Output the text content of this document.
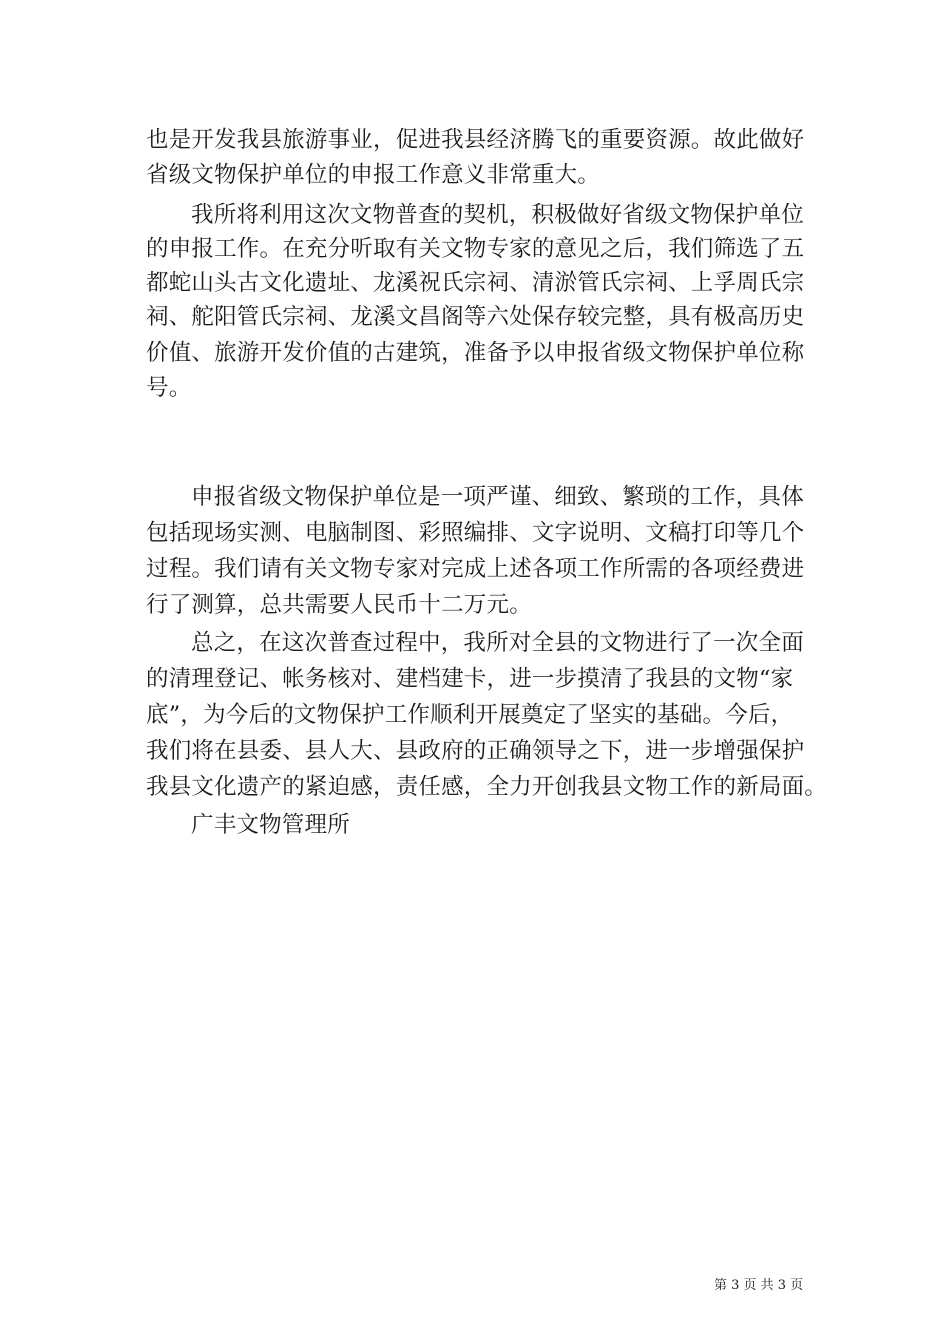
也是开发我县旅游事业，促进我县经济腾飞的重要资源。故此做好
省级文物保护单位的申报工作意义非常重大。
我所将利用这次文物普查的契机，积极做好省级文物保护单位
的申报工作。在充分听取有关文物专家的意见之后，我们筛选了五
都蛇山头古文化遗址、龙溪祝氏宗祠、清淤管氏宗祠、上孚周氏宗
祠、舵阳管氏宗祠、龙溪文昌阁等六处保存较完整，具有极高历史
价值、旅游开发价值的古建筑，准备予以申报省级文物保护单位称
号。
申报省级文物保护单位是一项严谨、细致、繁琐的工作，具体
包括现场实测、电脑制图、彩照编排、文字说明、文稿打印等几个
过程。我们请有关文物专家对完成上述各项工作所需的各项经费进
行了测算，总共需要人民币十二万元。
总之，在这次普查过程中，我所对全县的文物进行了一次全面
的清理登记、帐务核对、建档建卡，进一步摸清了我县的文物“家
底”，为今后的文物保护工作顺利开展奠定了坚实的基础。今后，
我们将在县委、县人大、县政府的正确领导之下，进一步增强保护
我县文化遗产的紧迫感，责任感，全力开创我县文物工作的新局面。
广丰文物管理所
第 3 页 共 3 页
